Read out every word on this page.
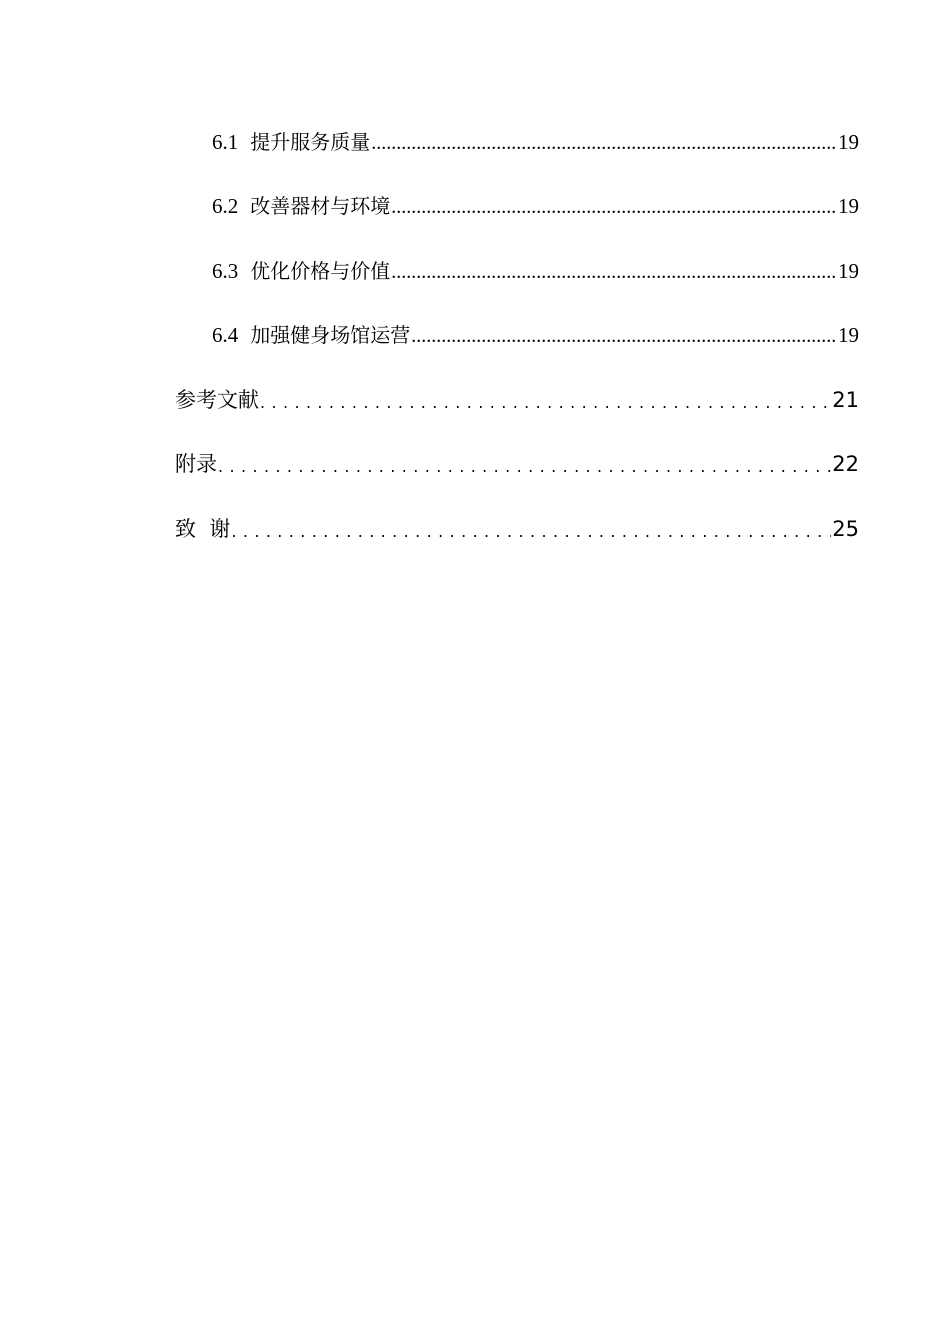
6.1 提升服务质量 .....	19
6.2 改善器材与环境 .....	19
6.3 优化价格与价值 .....	19
6.4 加强健身场馆运营 .....	19
参考文献 .....	21
附录 .....	22
致  谢 .....	25
